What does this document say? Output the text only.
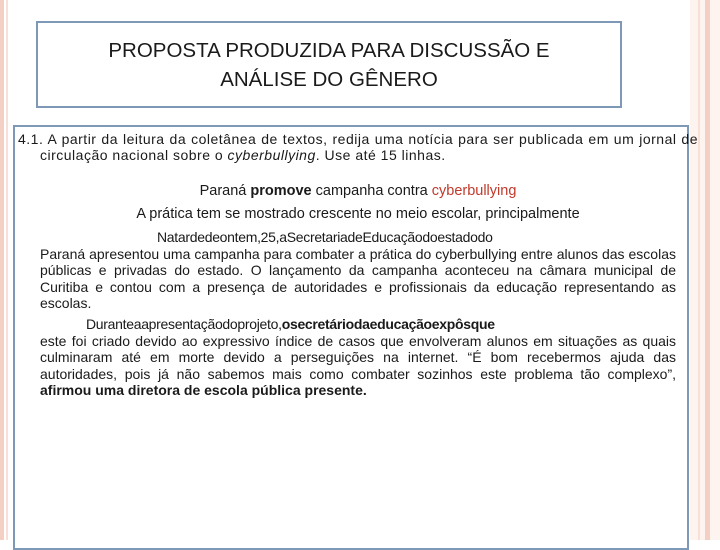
PROPOSTA PRODUZIDA PARA DISCUSSÃO E
ANÁLISE DO GÊNERO
4.1. A partir da leitura da coletânea de textos, redija uma notícia para ser publicada em um jornal de circulação nacional sobre o cyberbullying. Use até 15 linhas.
Paraná promove campanha contra cyberbullying
A prática tem se mostrado crescente no meio escolar, principalmente
Natardedeontem,25,aSecretariadeEducaçãodoestadodo
Paraná apresentou uma campanha para combater a prática do cyberbullying entre alunos das escolas públicas e privadas do estado. O lançamento da campanha aconteceu na câmara municipal de Curitiba e contou com a presença de autoridades e profissionais da educação representando as escolas.
Duranteaapresentaçãodoprojeto,osecretáriodaeducaçãoexpôsque
este foi criado devido ao expressivo índice de casos que envolveram alunos em situações as quais culminaram até em morte devido a perseguições na internet. “É bom recebermos ajuda das autoridades, pois já não sabemos mais como combater sozinhos este problema tão complexo”, afirmou uma diretora de escola pública presente.
